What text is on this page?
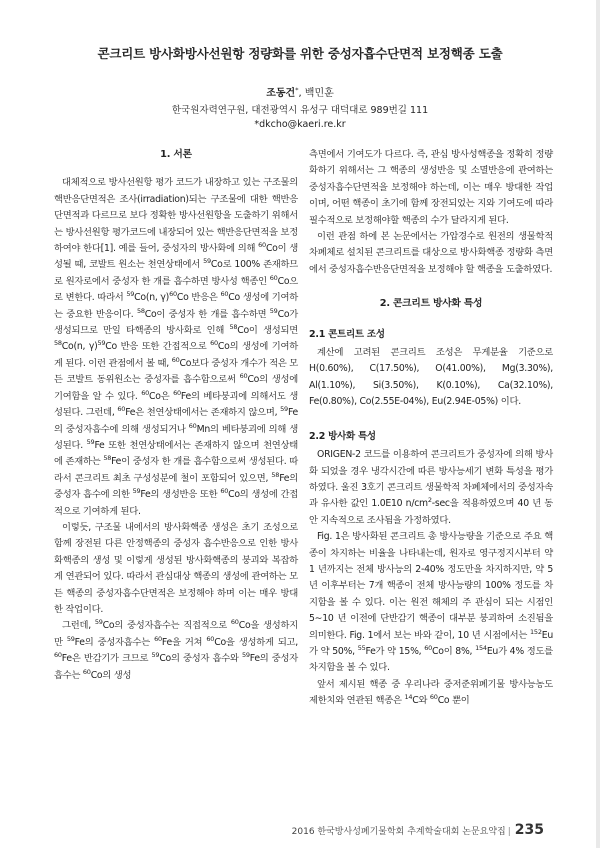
콘크리트 방사화방사선원항 정량화를 위한 중성자흡수단면적 보정핵종 도출
조동건*, 백민훈
한국원자력연구원, 대전광역시 유성구 대덕대로 989번길 111
*dkcho@kaeri.re.kr
1. 서론

대체적으로 방사선원항 평가 코드가 내장하고 있는 구조물의 핵반응단면적은 조사(irradiation)되는 구조물에 대한 핵반응단면적과 다르므로 보다 정확한 방사선원항을 도출하기 위해서는 방사선원항 평가코드에 내장되어 있는 핵반응단면적을 보정하여야 한다[1]. 예를 들어, 중성자의 방사화에 의해 $^{60}$Co이 생성될 때, 코발트 원소는 천연상태에서 $^{59}$Co로 100% 존재하므로 원자로에서 중성자 한 개를 흡수하면 방사성 핵종인 $^{60}$Co으로 변한다. 따라서 $^{59}$Co(n, γ)$^{60}$Co 반응은 $^{60}$Co 생성에 기여하는 중요한 반응이다. $^{58}$Co이 중성자 한 개를 흡수하면 $^{59}$Co가 생성되므로 만일 타핵종의 방사화로 인해 $^{58}$Co이 생성되면 $^{58}$Co(n, γ)$^{59}$Co 반응 또한 간접적으로 $^{60}$Co의 생성에 기여하게 된다. 이런 관점에서 볼 때, $^{60}$Co보다 중성자 개수가 적은 모든 코발트 동위원소는 중성자를 흡수함으로써 $^{60}$Co의 생성에 기여함을 알 수 있다. $^{60}$Co은 $^{60}$Fe의 베타붕괴에 의해서도 생성된다. 그런데, $^{60}$Fe은 천연상태에서는 존재하지 않으며, $^{59}$Fe의 중성자흡수에 의해 생성되거나 $^{60}$Mn의 베타붕괴에 의해 생성된다. $^{59}$Fe 또한 천연상태에서는 존재하지 않으며 천연상태에 존재하는 $^{58}$Fe이 중성자 한 개를 흡수함으로써 생성된다. 따라서 콘크리트 최초 구성성분에 철이 포함되어 있으면, $^{58}$Fe의 중성자 흡수에 의한 $^{59}$Fe의 생성반응 또한 $^{60}$Co의 생성에 간접적으로 기여하게 된다.

이렇듯, 구조물 내에서의 방사화핵종 생성은 초기 조성으로 함께 장전된 다른 안정핵종의 중성자 흡수반응으로 인한 방사화핵종의 생성 및 이렇게 생성된 방사화핵종의 붕괴와 복잡하게 연관되어 있다. 따라서 관심대상 핵종의 생성에 관여하는 모든 핵종의 중성자흡수단면적은 보정해야 하며 이는 매우 방대한 작업이다.

그런데, $^{59}$Co의 중성자흡수는 직접적으로 $^{60}$Co을 생성하지만 $^{59}$Fe의 중성자흡수는 $^{60}$Fe을 거쳐 $^{60}$Co을 생성하게 되고, $^{60}$Fe은 반감기가 크므로 $^{59}$Co의 중성자 흡수와 $^{59}$Fe의 중성자 흡수는 $^{60}$Co의 생성

측면에서 기여도가 다르다. 즉, 관심 방사성핵종을 정확히 정량화하기 위해서는 그 핵종의 생성반응 및 소멸반응에 관여하는 중성자흡수단면적을 보정해야 하는데, 이는 매우 방대한 작업이며, 어떤 핵종이 초기에 함께 장전되었는 지와 기여도에 따라 필수적으로 보정해야할 핵종의 수가 달라지게 된다.

이런 관점 하에 본 논문에서는 가압경수로 원전의 생물학적 차폐체로 설치된 콘크리트를 대상으로 방사화핵종 정량화 측면에서 중성자흡수반응단면적을 보정해야 할 핵종을 도출하였다.

2. 콘크리트 방사화 특성
2.1 콘트리트 조성

계산에 고려된 콘크리트 조성은 무게분율 기준으로 H(0.60%), C(17.50%), O(41.00%), Mg(3.30%), Al(1.10%), Si(3.50%), K(0.10%), Ca(32.10%), Fe(0.80%), Co(2.55E-04%), Eu(2.94E-05%) 이다.

2.2 방사화 특성

ORIGEN-2 코드를 이용하여 콘크리트가 중성자에 의해 방사화 되었을 경우 냉각시간에 따른 방사능세기 변화 특성을 평가하였다. 울진 3호기 콘크리트 생물학적 차폐체에서의 중성자속과 유사한 값인 1.0E10 $n/cm^2-\sec$을 적용하였으며 40 년 동안 지속적으로 조사됨을 가정하였다.

Fig. 1은 방사화된 콘크리트 총 방사능량을 기준으로 주요 핵종이 차지하는 비율을 나타내는데, 원자로 영구정지시부터 약 1 년까지는 전체 방사능의 2-40% 정도만을 차지하지만, 약 5 년 이후부터는 7개 핵종이 전체 방사능량의 100% 정도를 차지함을 볼 수 있다. 이는 원전 해체의 주 관심이 되는 시점인 5∼10 년 이전에 단반감기 핵종이 대부분 붕괴하여 소진됨을 의미한다. Fig. 1에서 보는 바와 같이, 10 년 시점에서는 $^{152}$Eu가 약 50%, $^{55}$Fe가 약 15%, $^{60}$Co이 8%, $^{154}$Eu가 4% 정도를 차지함을 볼 수 있다.

앞서 제시된 핵종 중 우리나라 중저준위폐기물 방사능농도 제한치와 연관된 핵종은 $^{14}$C와 $^{60}$Co 뿐이

2016 한국방사성폐기물학회 추계학술대회 논문요약집 | 235
